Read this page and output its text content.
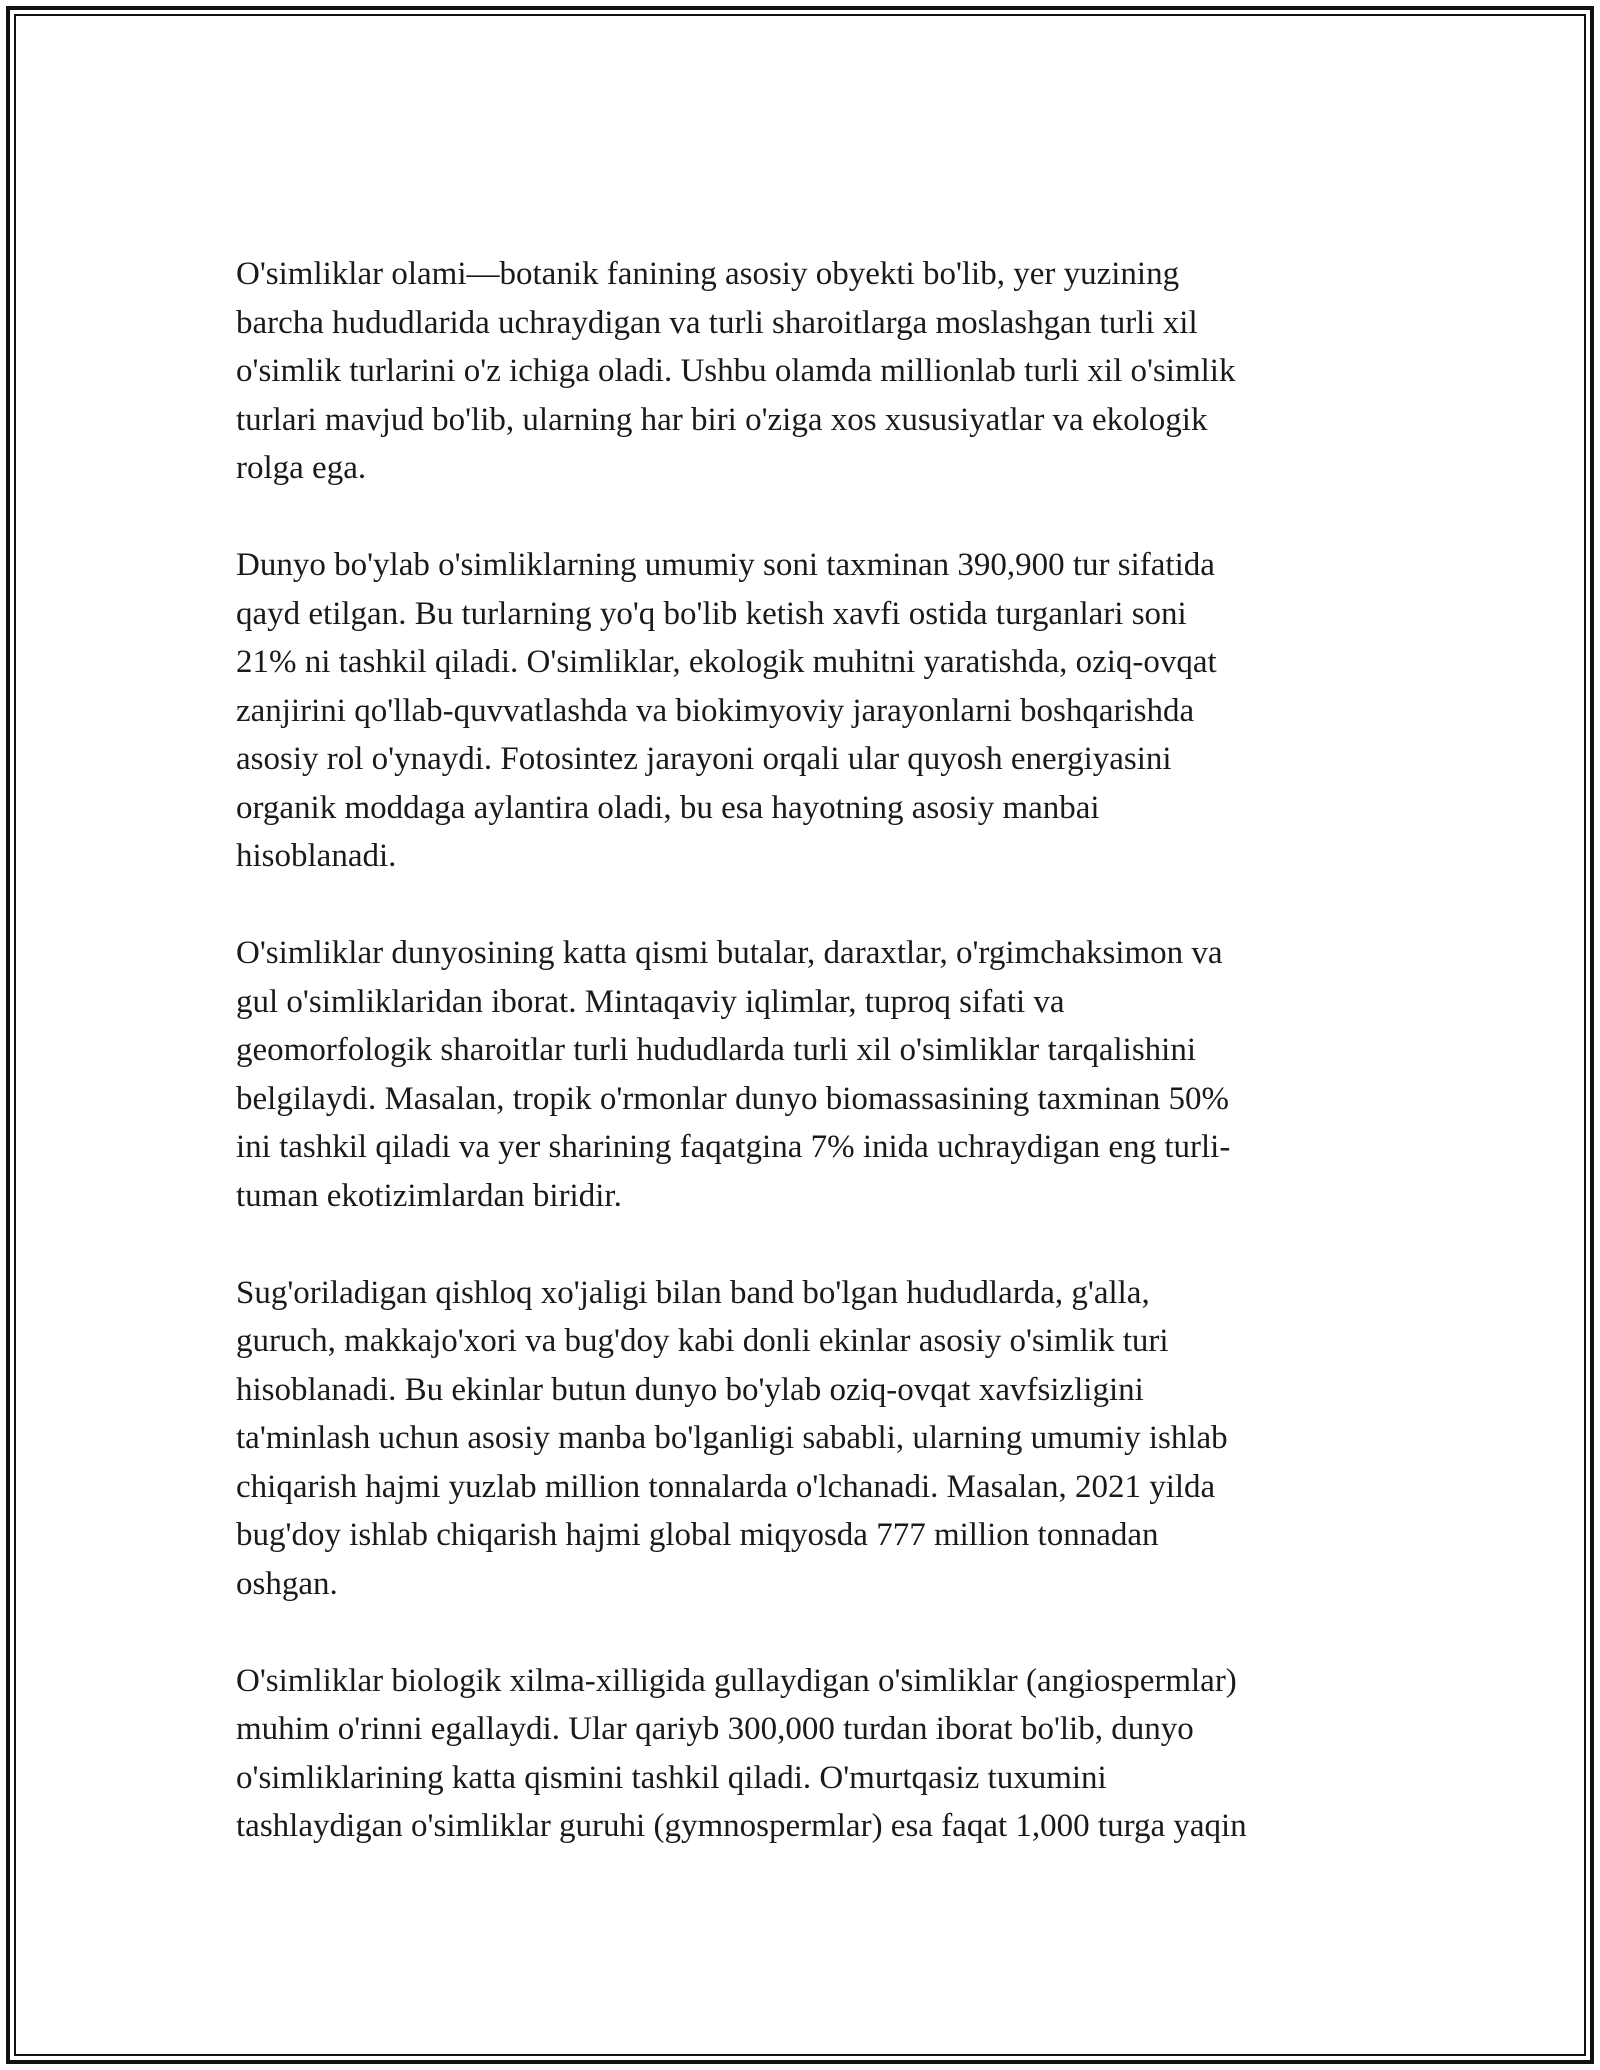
O'simliklar olami—botanik fanining asosiy obyekti bo'lib, yer yuzining
barcha hududlarida uchraydigan va turli sharoitlarga moslashgan turli xil
o'simlik turlarini o'z ichiga oladi. Ushbu olamda millionlab turli xil o'simlik
turlari mavjud bo'lib, ularning har biri o'ziga xos xususiyatlar va ekologik
rolga ega.

Dunyo bo'ylab o'simliklarning umumiy soni taxminan 390,900 tur sifatida
qayd etilgan. Bu turlarning yo'q bo'lib ketish xavfi ostida turganlari soni
21% ni tashkil qiladi. O'simliklar, ekologik muhitni yaratishda, oziq-ovqat
zanjirini qo'llab-quvvatlashda va biokimyoviy jarayonlarni boshqarishda
asosiy rol o'ynaydi. Fotosintez jarayoni orqali ular quyosh energiyasini
organik moddaga aylantira oladi, bu esa hayotning asosiy manbai
hisoblanadi.

O'simliklar dunyosining katta qismi butalar, daraxtlar, o'rgimchaksimon va
gul o'simliklaridan iborat. Mintaqaviy iqlimlar, tuproq sifati va
geomorfologik sharoitlar turli hududlarda turli xil o'simliklar tarqalishini
belgilaydi. Masalan, tropik o'rmonlar dunyo biomassasining taxminan 50%
ini tashkil qiladi va yer sharining faqatgina 7% inida uchraydigan eng turli-
tuman ekotizimlardan biridir.

Sug'oriladigan qishloq xo'jaligi bilan band bo'lgan hududlarda, g'alla,
guruch, makkajo'xori va bug'doy kabi donli ekinlar asosiy o'simlik turi
hisoblanadi. Bu ekinlar butun dunyo bo'ylab oziq-ovqat xavfsizligini
ta'minlash uchun asosiy manba bo'lganligi sababli, ularning umumiy ishlab
chiqarish hajmi yuzlab million tonnalarda o'lchanadi. Masalan, 2021 yilda
bug'doy ishlab chiqarish hajmi global miqyosda 777 million tonnadan
oshgan.

O'simliklar biologik xilma-xilligida gullaydigan o'simliklar (angiospermlar)
muhim o'rinni egallaydi. Ular qariyb 300,000 turdan iborat bo'lib, dunyo
o'simliklarining katta qismini tashkil qiladi. O'murtqasiz tuxumini
tashlaydigan o'simliklar guruhi (gymnospermlar) esa faqat 1,000 turga yaqin
